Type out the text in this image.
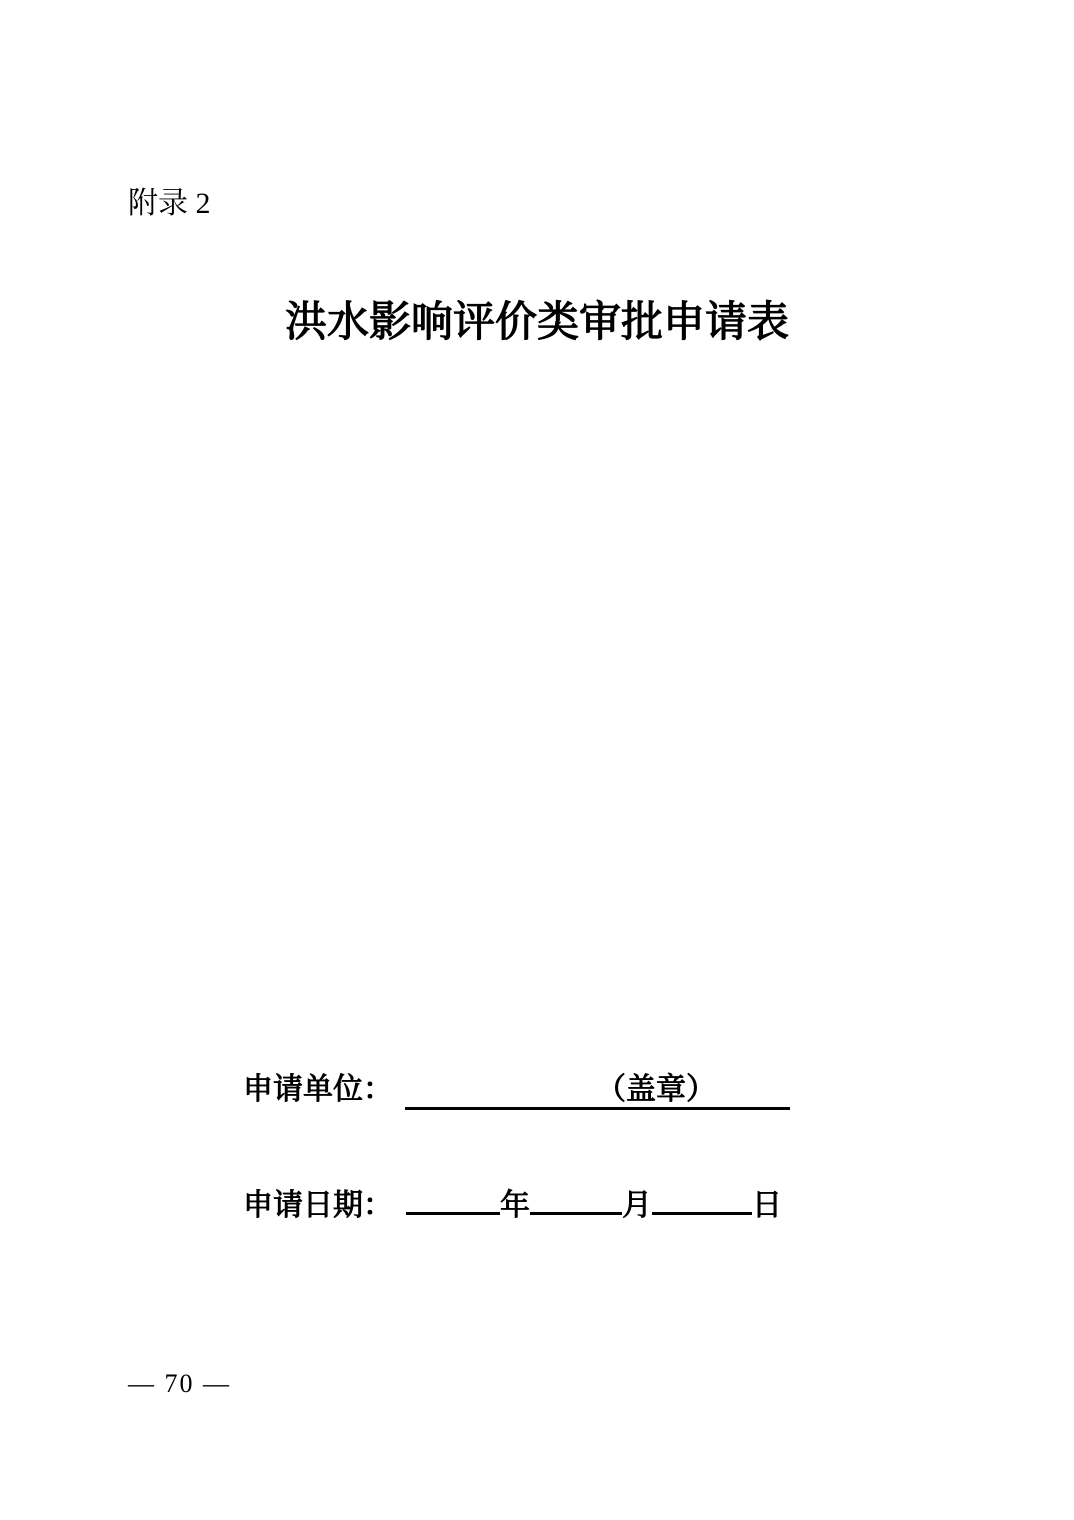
附录 2
洪水影响评价类审批申请表
申请单位：	（盖章）
申请日期：	年	月	日
— 70 —
